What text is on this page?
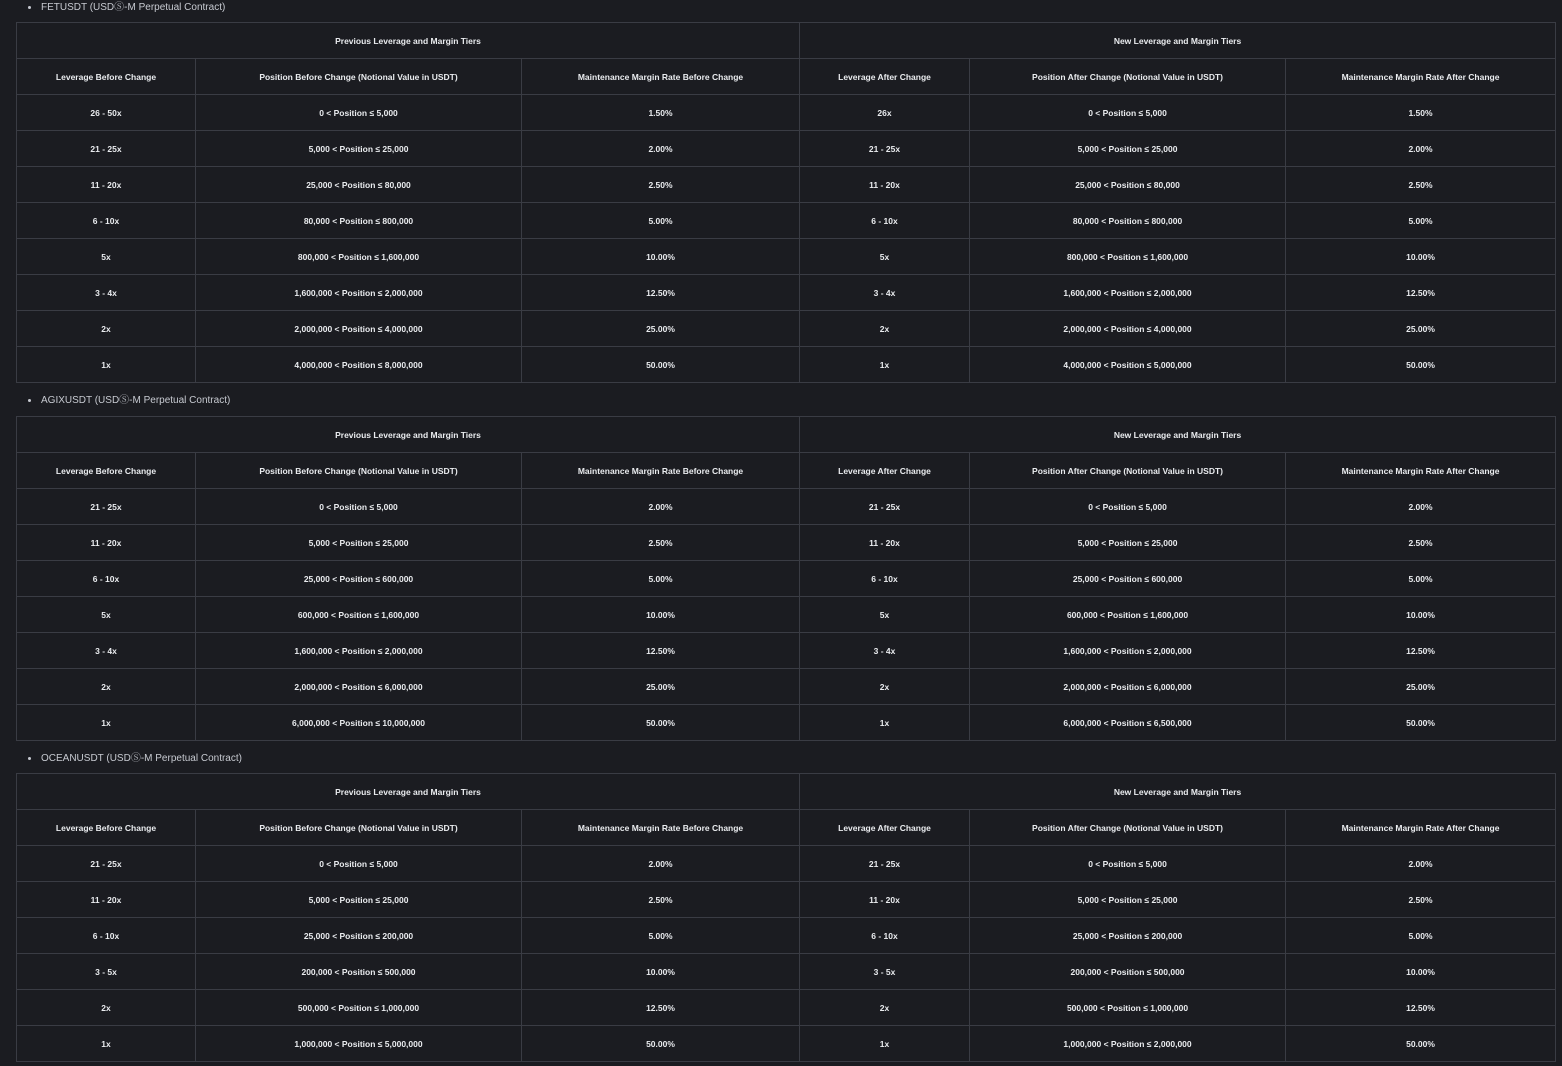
FETUSDT (USDⓈ-M Perpetual Contract)
Previous Leverage and Margin Tiers			New Leverage and Margin Tiers		
Leverage Before Change	Position Before Change (Notional Value in USDT)	Maintenance Margin Rate Before Change	Leverage After Change	Position After Change (Notional Value in USDT)	Maintenance Margin Rate After Change
26 - 50x	0 < Position ≤ 5,000	1.50%	26x	0 < Position ≤ 5,000	1.50%
21 - 25x	5,000 < Position ≤ 25,000	2.00%	21 - 25x	5,000 < Position ≤ 25,000	2.00%
11 - 20x	25,000 < Position ≤ 80,000	2.50%	11 - 20x	25,000 < Position ≤ 80,000	2.50%
6 - 10x	80,000 < Position ≤ 800,000	5.00%	6 - 10x	80,000 < Position ≤ 800,000	5.00%
5x	800,000 < Position ≤ 1,600,000	10.00%	5x	800,000 < Position ≤ 1,600,000	10.00%
3 - 4x	1,600,000 < Position ≤ 2,000,000	12.50%	3 - 4x	1,600,000 < Position ≤ 2,000,000	12.50%
2x	2,000,000 < Position ≤ 4,000,000	25.00%	2x	2,000,000 < Position ≤ 4,000,000	25.00%
1x	4,000,000 < Position ≤ 8,000,000	50.00%	1x	4,000,000 < Position ≤ 5,000,000	50.00%
AGIXUSDT (USDⓈ-M Perpetual Contract)
Previous Leverage and Margin Tiers			New Leverage and Margin Tiers		
Leverage Before Change	Position Before Change (Notional Value in USDT)	Maintenance Margin Rate Before Change	Leverage After Change	Position After Change (Notional Value in USDT)	Maintenance Margin Rate After Change
21 - 25x	0 < Position ≤ 5,000	2.00%	21 - 25x	0 < Position ≤ 5,000	2.00%
11 - 20x	5,000 < Position ≤ 25,000	2.50%	11 - 20x	5,000 < Position ≤ 25,000	2.50%
6 - 10x	25,000 < Position ≤ 600,000	5.00%	6 - 10x	25,000 < Position ≤ 600,000	5.00%
5x	600,000 < Position ≤ 1,600,000	10.00%	5x	600,000 < Position ≤ 1,600,000	10.00%
3 - 4x	1,600,000 < Position ≤ 2,000,000	12.50%	3 - 4x	1,600,000 < Position ≤ 2,000,000	12.50%
2x	2,000,000 < Position ≤ 6,000,000	25.00%	2x	2,000,000 < Position ≤ 6,000,000	25.00%
1x	6,000,000 < Position ≤ 10,000,000	50.00%	1x	6,000,000 < Position ≤ 6,500,000	50.00%
OCEANUSDT (USDⓈ-M Perpetual Contract)
Previous Leverage and Margin Tiers			New Leverage and Margin Tiers		
Leverage Before Change	Position Before Change (Notional Value in USDT)	Maintenance Margin Rate Before Change	Leverage After Change	Position After Change (Notional Value in USDT)	Maintenance Margin Rate After Change
21 - 25x	0 < Position ≤ 5,000	2.00%	21 - 25x	0 < Position ≤ 5,000	2.00%
11 - 20x	5,000 < Position ≤ 25,000	2.50%	11 - 20x	5,000 < Position ≤ 25,000	2.50%
6 - 10x	25,000 < Position ≤ 200,000	5.00%	6 - 10x	25,000 < Position ≤ 200,000	5.00%
3 - 5x	200,000 < Position ≤ 500,000	10.00%	3 - 5x	200,000 < Position ≤ 500,000	10.00%
2x	500,000 < Position ≤ 1,000,000	12.50%	2x	500,000 < Position ≤ 1,000,000	12.50%
1x	1,000,000 < Position ≤ 5,000,000	50.00%	1x	1,000,000 < Position ≤ 2,000,000	50.00%
